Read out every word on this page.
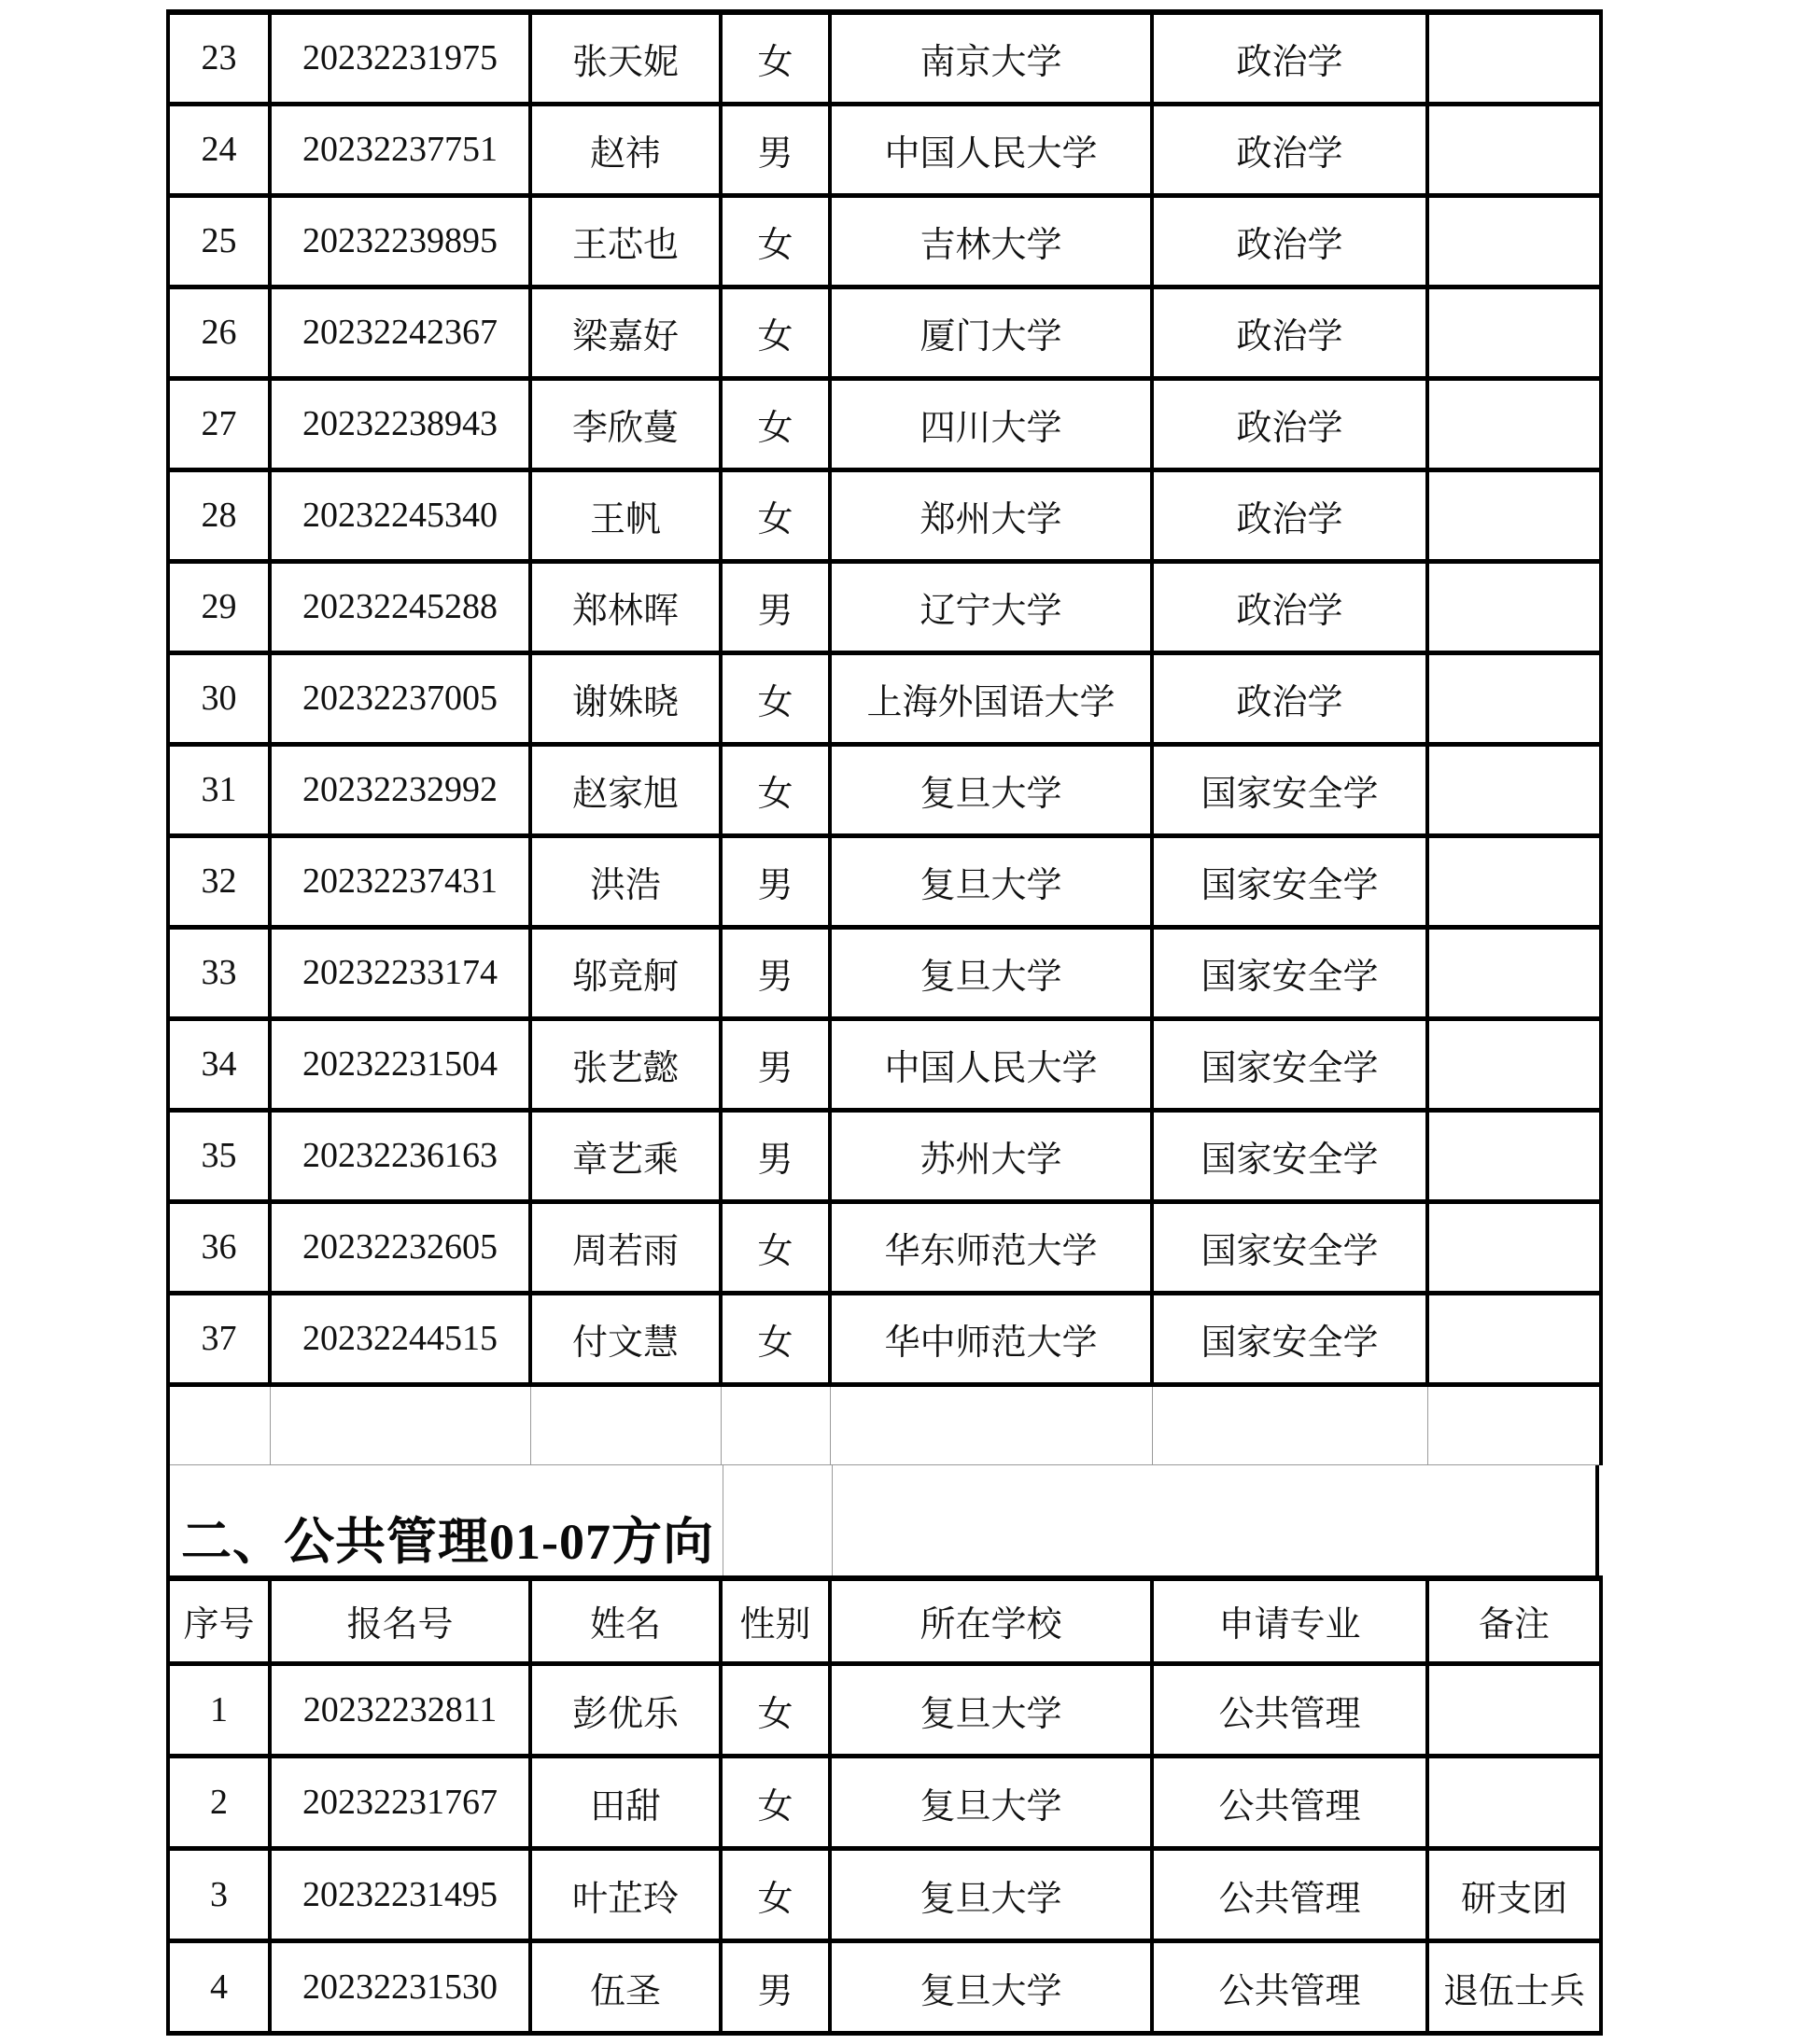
23	20232231975	张天妮	女	南京大学	政治学	
24	20232237751	赵祎	男	中国人民大学	政治学	
25	20232239895	王芯也	女	吉林大学	政治学	
26	20232242367	梁嘉好	女	厦门大学	政治学	
27	20232238943	李欣蔓	女	四川大学	政治学	
28	20232245340	王帆	女	郑州大学	政治学	
29	20232245288	郑林晖	男	辽宁大学	政治学	
30	20232237005	谢姝晓	女	上海外国语大学	政治学	
31	20232232992	赵家旭	女	复旦大学	国家安全学	
32	20232237431	洪浩	男	复旦大学	国家安全学	
33	20232233174	邬竞舸	男	复旦大学	国家安全学	
34	20232231504	张艺懿	男	中国人民大学	国家安全学	
35	20232236163	章艺乘	男	苏州大学	国家安全学	
36	20232232605	周若雨	女	华东师范大学	国家安全学	
37	20232244515	付文慧	女	华中师范大学	国家安全学	

二、公共管理01-07方向
序号	报名号	姓名	性别	所在学校	申请专业	备注
1	20232232811	彭优乐	女	复旦大学	公共管理	
2	20232231767	田甜	女	复旦大学	公共管理	
3	20232231495	叶芷玲	女	复旦大学	公共管理	研支团
4	20232231530	伍圣	男	复旦大学	公共管理	退伍士兵
